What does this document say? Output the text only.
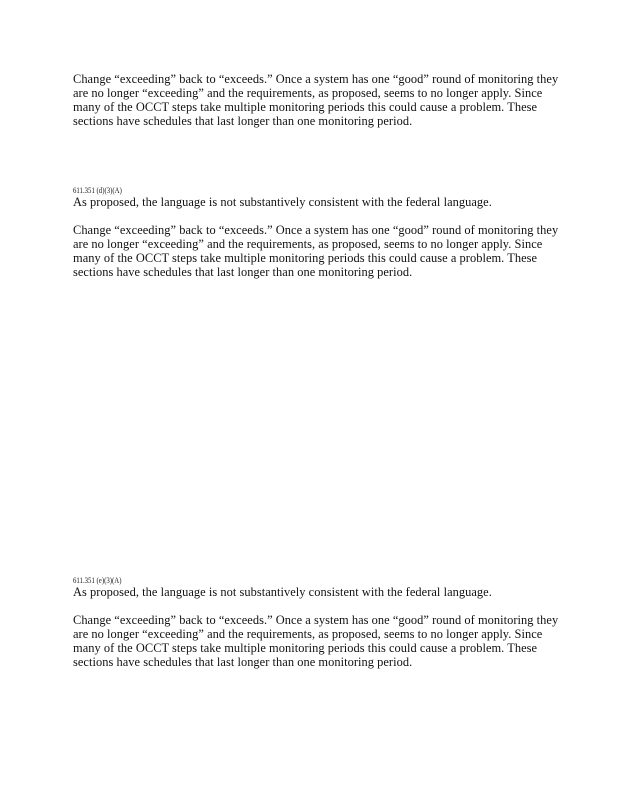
Change “exceeding” back to “exceeds.” Once a system has one “good” round of monitoring they are no longer “exceeding” and the requirements, as proposed, seems to no longer apply. Since many of the OCCT steps take multiple monitoring periods this could cause a problem. These sections have schedules that last longer than one monitoring period.

611.351 (d)(3)(A)

As proposed, the language is not substantively consistent with the federal language.

Change “exceeding” back to “exceeds.” Once a system has one “good” round of monitoring they are no longer “exceeding” and the requirements, as proposed, seems to no longer apply. Since many of the OCCT steps take multiple monitoring periods this could cause a problem. These sections have schedules that last longer than one monitoring period.

611.351 (e)(3)(A)

As proposed, the language is not substantively consistent with the federal language.

Change “exceeding” back to “exceeds.” Once a system has one “good” round of monitoring they are no longer “exceeding” and the requirements, as proposed, seems to no longer apply. Since many of the OCCT steps take multiple monitoring periods this could cause a problem. These sections have schedules that last longer than one monitoring period.
